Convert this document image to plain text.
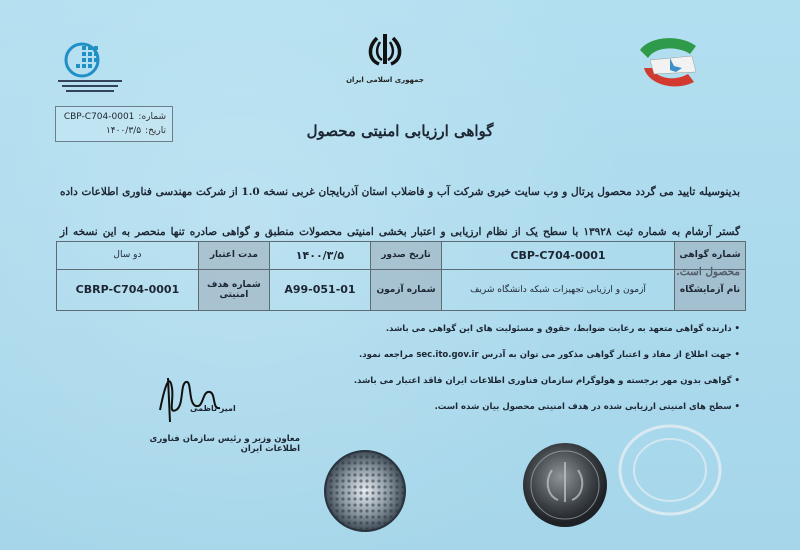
جمهوری اسلامی ایران
شماره:
CBP-C704-0001
تاریخ:
۱۴۰۰/۳/۵	گواهی ارزیابی امنیتی محصول
بدینوسیله تایید می گردد محصول پرتال و وب سایت خبری شرکت آب و فاضلاب استان آذربایجان غربی نسخه 1.0 از شرکت مهندسی فناوری اطلاعات داده گستر آرشام به شماره ثبت ۱۳۹۲۸ با سطح یک از نظام ارزیابی و اعتبار بخشی امنیتی محصولات منطبق و گواهی صادره تنها منحصر به این نسخه از محصول است.
شماره گواهی	CBP-C704-0001	تاریخ صدور	۱۴۰۰/۳/۵	مدت اعتبار	دو سال
نام آزمایشگاه	آزمون و ارزیابی تجهیزات شبکه دانشگاه شریف	شماره آزمون	A99-051-01	شماره هدف امنیتی	CBRP-C704-0001
• دارنده گواهی متعهد به رعایت ضوابط، حقوق و مسئولیت های این گواهی می باشد.
• جهت اطلاع از مفاد و اعتبار گواهی مذکور می توان به آدرس sec.ito.gov.ir مراجعه نمود.
• گواهی بدون مهر برجسته و هولوگرام سازمان فناوری اطلاعات ایران فاقد اعتبار می باشد.
• سطح های امنیتی ارزیابی شده در هدف امنیتی محصول بیان شده است.
امیر ناظمی
معاون وزیر و رئیس سازمان فناوری اطلاعات ایران
